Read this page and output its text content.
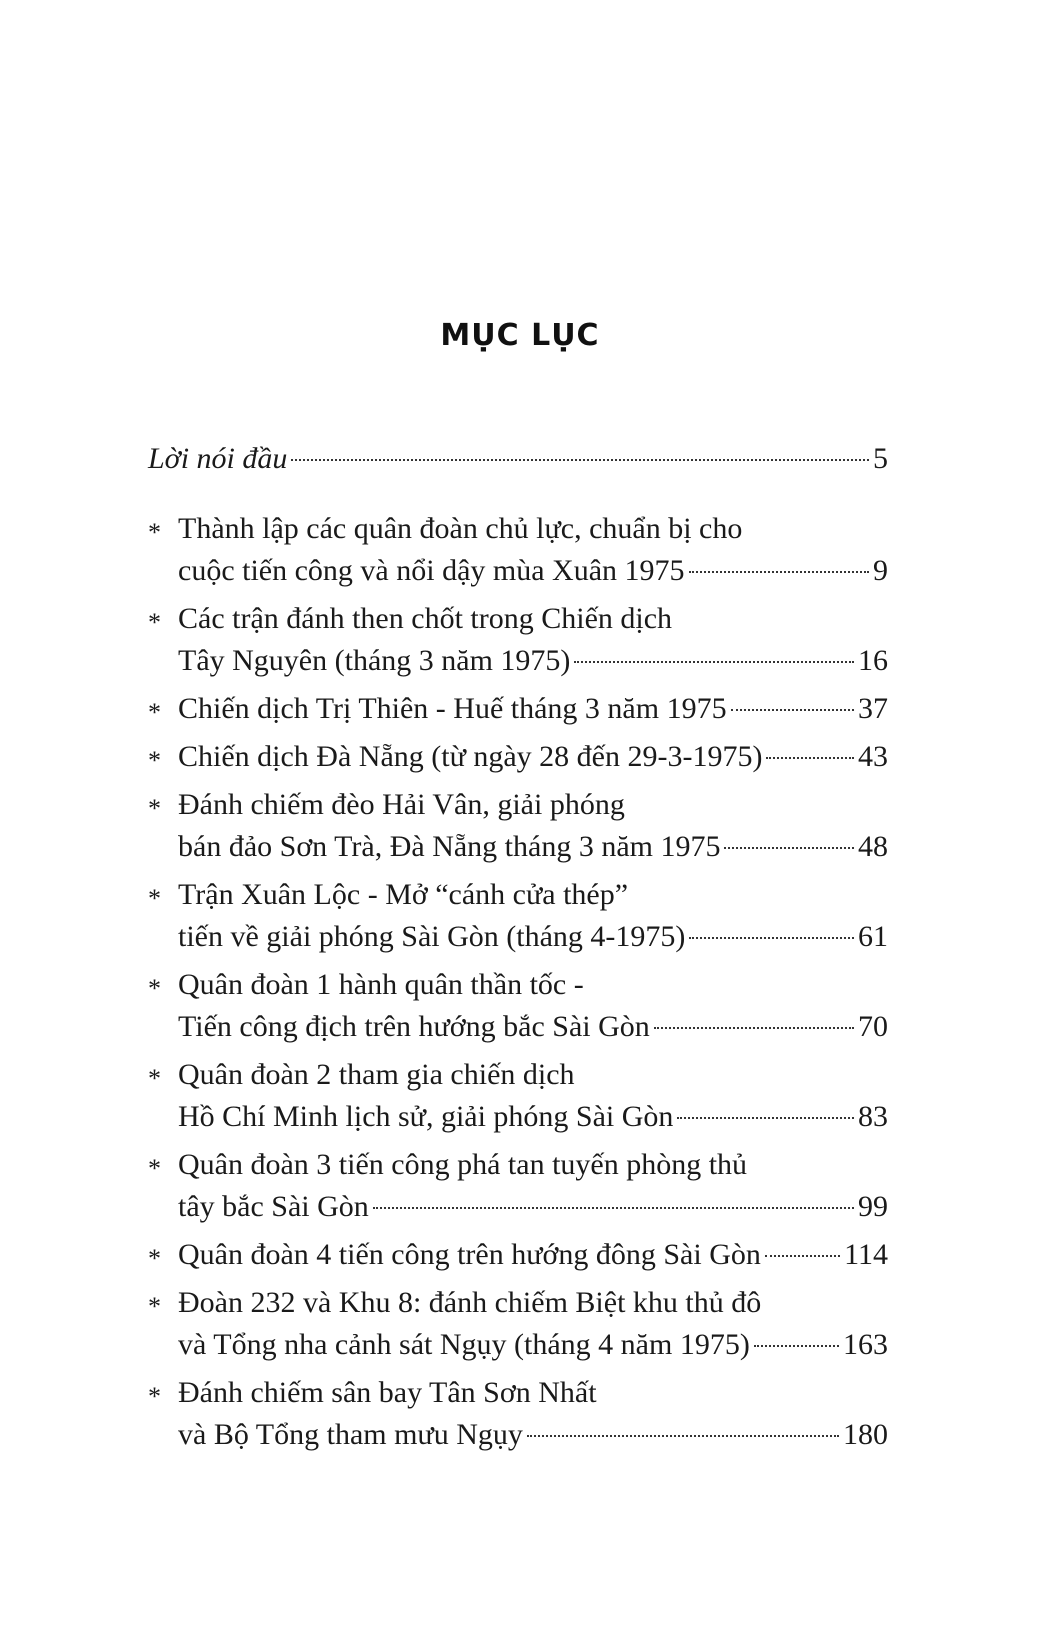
MỤC LỤC
Lời nói đầu	5
* Thành lập các quân đoàn chủ lực, chuẩn bị cho
cuộc tiến công và nổi dậy mùa Xuân 1975	9
* Các trận đánh then chốt trong Chiến dịch
Tây Nguyên (tháng 3 năm 1975)	16
* Chiến dịch Trị Thiên - Huế tháng 3 năm 1975	37
* Chiến dịch Đà Nẵng (từ ngày 28 đến 29-3-1975)	43
* Đánh chiếm đèo Hải Vân, giải phóng
bán đảo Sơn Trà, Đà Nẵng tháng 3 năm 1975	48
* Trận Xuân Lộc - Mở “cánh cửa thép”
tiến về giải phóng Sài Gòn (tháng 4-1975)	61
* Quân đoàn 1 hành quân thần tốc -
Tiến công địch trên hướng bắc Sài Gòn	70
* Quân đoàn 2 tham gia chiến dịch
Hồ Chí Minh lịch sử, giải phóng Sài Gòn	83
* Quân đoàn 3 tiến công phá tan tuyến phòng thủ
tây bắc Sài Gòn	99
* Quân đoàn 4 tiến công trên hướng đông Sài Gòn	114
* Đoàn 232 và Khu 8: đánh chiếm Biệt khu thủ đô
và Tổng nha cảnh sát Ngụy (tháng 4 năm 1975)	163
* Đánh chiếm sân bay Tân Sơn Nhất
và Bộ Tổng tham mưu Ngụy	180
